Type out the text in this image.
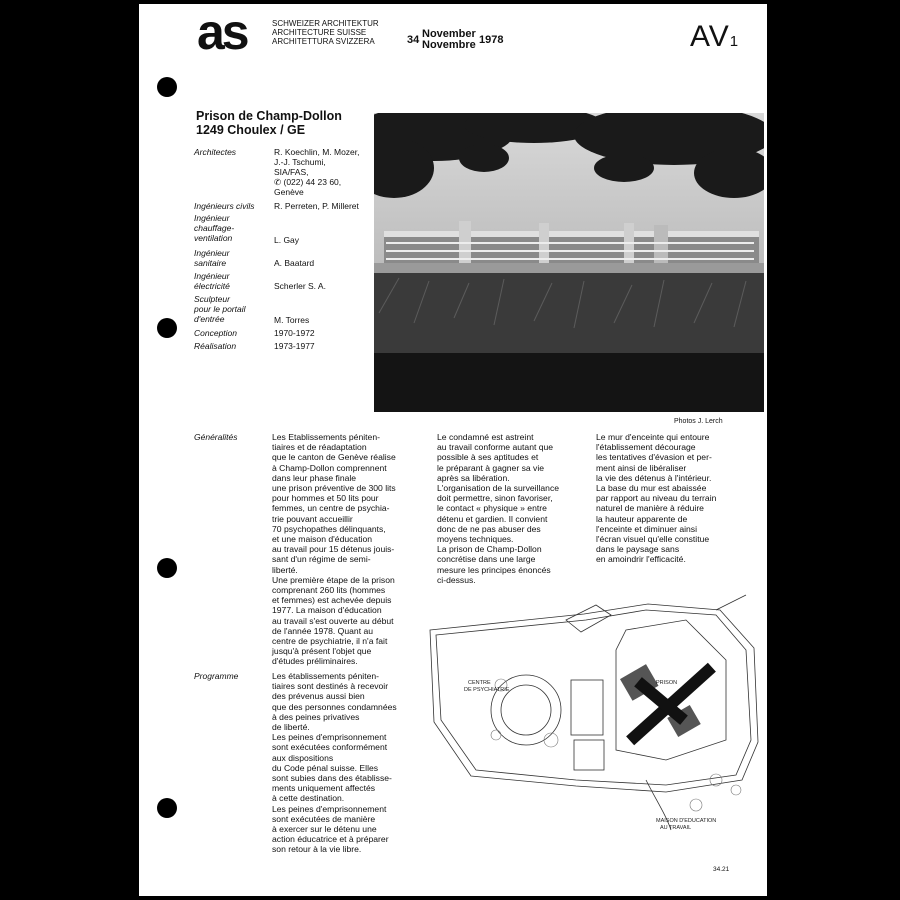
as	SCHWEIZER ARCHITEKTUR
ARCHITECTURE SUISSE
ARCHITETTURA SVIZZERA	34 November
Novembre 1978	AV1
Prison de Champ-Dollon
1249 Choulex / GE
Architectes	R. Koechlin, M. Mozer,
J.-J. Tschumi,
SIA/FAS,
✆ (022) 44 23 60,
Genève
Ingénieurs civils R. Perreten, P. Milleret
Ingénieur
chauffage-
ventilation	L. Gay
Ingénieur
sanitaire	A. Baatard
Ingénieur
électricité	Scherler S. A.
Sculpteur
pour le portail
d'entrée	M. Torres
Conception	1970-1972
Réalisation	1973-1977
Photos J. Lerch
Généralités
Programme
Les Etablissements péniten-
tiaires et de réadaptation
que le canton de Genève réalise
à Champ-Dollon comprennent
dans leur phase finale
une prison préventive de 300 lits
pour hommes et 50 lits pour
femmes, un centre de psychia-
trie pouvant accueillir
70 psychopathes délinquants,
et une maison d'éducation
au travail pour 15 détenus jouis-
sant d'un régime de semi-
liberté.
Une première étape de la prison
comprenant 260 lits (hommes
et femmes) est achevée depuis
1977. La maison d'éducation
au travail s'est ouverte au début
de l'année 1978. Quant au
centre de psychiatrie, il n'a fait
jusqu'à présent l'objet que
d'études préliminaires.
Les établissements péniten-
tiaires sont destinés à recevoir
des prévenus aussi bien
que des personnes condamnées
à des peines privatives
de liberté.
Les peines d'emprisonnement
sont exécutées conformément
aux dispositions
du Code pénal suisse. Elles
sont subies dans des établisse-
ments uniquement affectés
à cette destination.
Les peines d'emprisonnement
sont exécutées de manière
à exercer sur le détenu une
action éducatrice et à préparer
son retour à la vie libre.
Le condamné est astreint
au travail conforme autant que
possible à ses aptitudes et
le préparant à gagner sa vie
après sa libération.
L'organisation de la surveillance
doit permettre, sinon favoriser,
le contact « physique » entre
détenu et gardien. Il convient
donc de ne pas abuser des
moyens techniques.
La prison de Champ-Dollon
concrétise dans une large
mesure les principes énoncés
ci-dessus.
Le mur d'enceinte qui entoure
l'établissement décourage
les tentatives d'évasion et per-
ment ainsi de libéraliser
la vie des détenus à l'intérieur.
La base du mur est abaissée
par rapport au niveau du terrain
naturel de manière à réduire
la hauteur apparente de
l'enceinte et diminuer ainsi
l'écran visuel qu'elle constitue
dans le paysage sans
en amoindrir l'efficacité.
CENTRE
DE PSYCHIATRIE
PRISON
MAISON D'EDUCATION
AU TRAVAIL
34.21
